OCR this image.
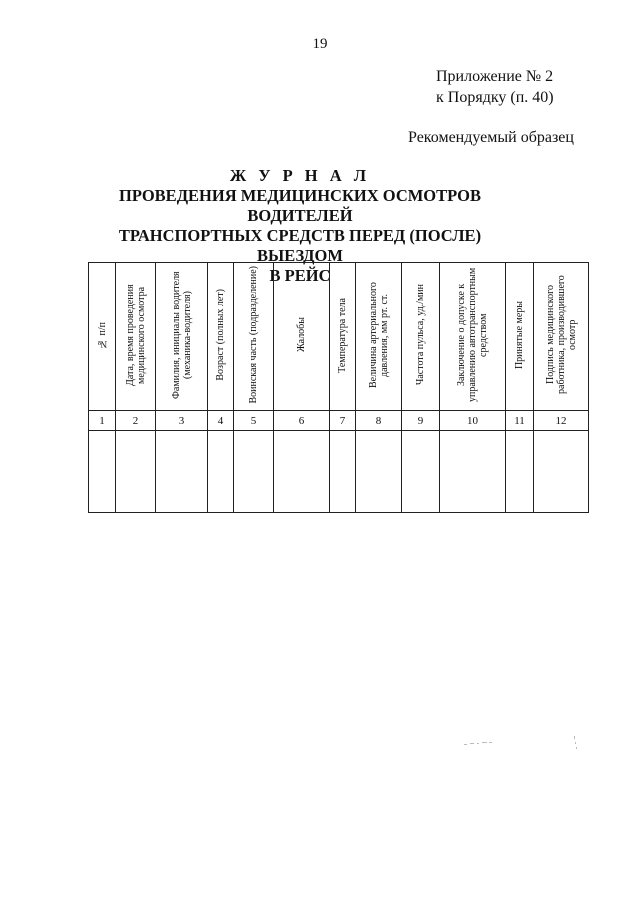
19
Приложение № 2
к Порядку (п. 40)
Рекомендуемый образец
Ж У Р Н А Л
ПРОВЕДЕНИЯ МЕДИЦИНСКИХ ОСМОТРОВ ВОДИТЕЛЕЙ
ТРАНСПОРТНЫХ СРЕДСТВ ПЕРЕД (ПОСЛЕ) ВЫЕЗДОМ
В РЕЙС
№ п/п	Дата, время проведения медицинского осмотра	Фамилия, инициалы водителя (механика-водителя)	Возраст (полных лет)	Воинская часть (подразделение)	Жалобы	Температура тела	Величина артериального давления, мм рт. ст.	Частота пульса, уд./мин	Заключение о допуске к управлению автотранспортным средством	Принятые меры	Подпись медицинского работника, производившего осмотр
1	2	3	4	5	6	7	8	9	10	11	12
